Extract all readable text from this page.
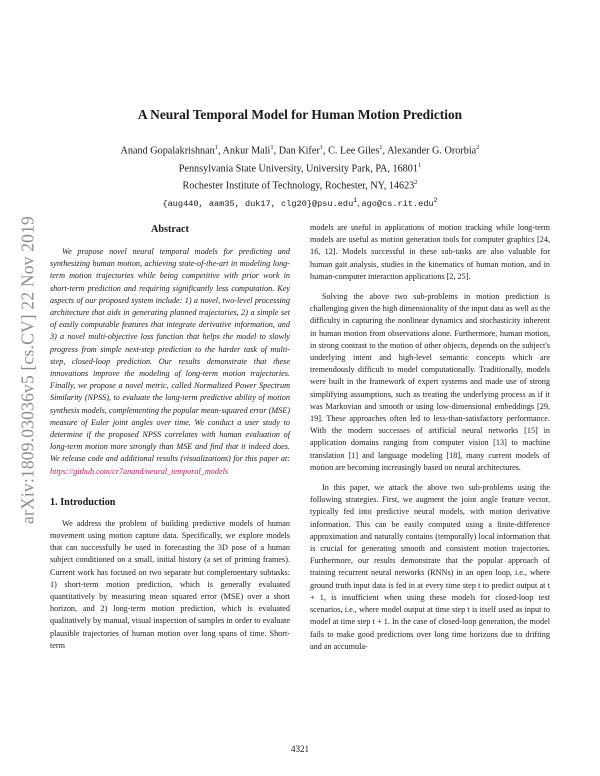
arXiv:1809.03036v5 [cs.CV] 22 Nov 2019
A Neural Temporal Model for Human Motion Prediction
Anand Gopalakrishnan$^1$, Ankur Mali$^1$, Dan Kifer$^1$, C. Lee Giles$^1$, Alexander G. Ororbia$^2$
Pennsylvania State University, University Park, PA, 16801$^1$
Rochester Institute of Technology, Rochester, NY, 14623$^2$
{aug440, aam35, duk17, clg20}@psu.edu$^1$, ago@cs.rit.edu$^2$
Abstract

We propose novel neural temporal models for predicting and synthesizing human motion, achieving state-of-the-art in modeling long-term motion trajectories while being competitive with prior work in short-term prediction and requiring significantly less computation. Key aspects of our proposed system include: 1) a novel, two-level processing architecture that aids in generating planned trajectories, 2) a simple set of easily computable features that integrate derivative information, and 3) a novel multi-objective loss function that helps the model to slowly progress from simple next-step prediction to the harder task of multi-step, closed-loop prediction. Our results demonstrate that these innovations improve the modeling of long-term motion trajectories. Finally, we propose a novel metric, called Normalized Power Spectrum Similarity (NPSS), to evaluate the long-term predictive ability of motion synthesis models, complementing the popular mean-squared error (MSE) measure of Euler joint angles over time. We conduct a user study to determine if the proposed NPSS correlates with human evaluation of long-term motion more strongly than MSE and find that it indeed does. We release code and additional results (visualizations) for this paper at: https://github.com/cr7anand/neural_temporal_models

1. Introduction

We address the problem of building predictive models of human movement using motion capture data. Specifically, we explore models that can successfully be used in forecasting the 3D pose of a human subject conditioned on a small, initial history (a set of priming frames). Current work has focused on two separate but complementary subtasks: 1) short-term motion prediction, which is generally evaluated quantitatively by measuring mean squared error (MSE) over a short horizon, and 2) long-term motion prediction, which is evaluated qualitatively by manual, visual inspection of samples in order to evaluate plausible trajectories of human motion over long spans of time. Short-term

models are useful in applications of motion tracking while long-term models are useful as motion generation tools for computer graphics [24, 16, 12]. Models successful in these sub-tasks are also valuable for human gait analysis, studies in the kinematics of human motion, and in human-computer interaction applications [2, 25].

Solving the above two sub-problems in motion prediction is challenging given the high dimensionality of the input data as well as the difficulty in capturing the nonlinear dynamics and stochasticity inherent in human motion from observations alone. Furthermore, human motion, in strong contrast to the motion of other objects, depends on the subject's underlying intent and high-level semantic concepts which are tremendously difficult to model computationally. Traditionally, models were built in the framework of expert systems and made use of strong simplifying assumptions, such as treating the underlying process as if it was Markovian and smooth or using low-dimensional embeddings [29, 19]. These approaches often led to less-than-satisfactory performance. With the modern successes of artificial neural networks [15] in application domains ranging from computer vision [13] to machine translation [1] and language modeling [18], many current models of motion are becoming increasingly based on neural architectures.

In this paper, we attack the above two sub-problems using the following strategies. First, we augment the joint angle feature vector, typically fed into predictive neural models, with motion derivative information. This can be easily computed using a finite-difference approximation and naturally contains (temporally) local information that is crucial for generating smooth and consistent motion trajectories. Furthermore, our results demonstrate that the popular approach of training recurrent neural networks (RNNs) in an open loop, i.e., where ground truth input data is fed in at every time step t to predict output at t + 1, is insufficient when using these models for closed-loop test scenarios, i.e., where model output at time step t is itself used as input to model at time step t + 1. In the case of closed-loop generation, the model fails to make good predictions over long time horizons due to drifting and an accumula-

4321
